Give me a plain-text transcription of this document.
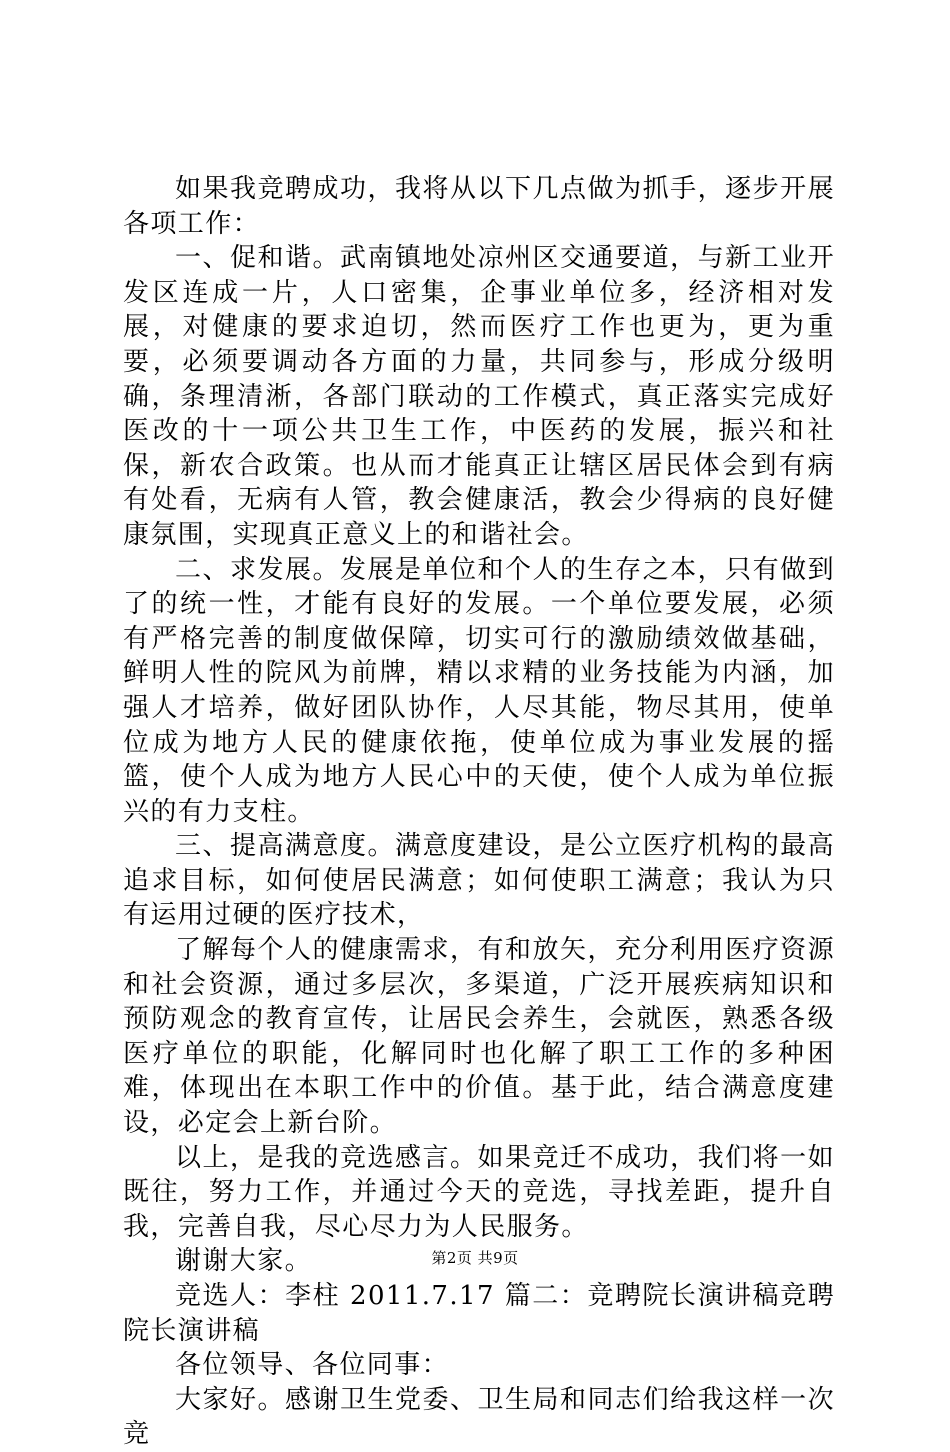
如果我竞聘成功，我将从以下几点做为抓手，逐步开展各项工作：

一、促和谐。武南镇地处凉州区交通要道，与新工业开发区连成一片，人口密集，企事业单位多，经济相对发展，对健康的要求迫切，然而医疗工作也更为，更为重要，必须要调动各方面的力量，共同参与，形成分级明确，条理清淅，各部门联动的工作模式，真正落实完成好医改的十一项公共卫生工作，中医药的发展，振兴和社保，新农合政策。也从而才能真正让辖区居民体会到有病有处看，无病有人管，教会健康活，教会少得病的良好健康氛围，实现真正意义上的和谐社会。

二、求发展。发展是单位和个人的生存之本，只有做到了的统一性，才能有良好的发展。一个单位要发展，必须有严格完善的制度做保障，切实可行的激励绩效做基础，鲜明人性的院风为前牌，精以求精的业务技能为内涵，加强人才培养，做好团队协作，人尽其能，物尽其用，使单位成为地方人民的健康依拖，使单位成为事业发展的摇篮，使个人成为地方人民心中的天使，使个人成为单位振兴的有力支柱。

三、提高满意度。满意度建设，是公立医疗机构的最高追求目标，如何使居民满意；如何使职工满意；我认为只有运用过硬的医疗技术，

了解每个人的健康需求，有和放矢，充分利用医疗资源和社会资源，通过多层次，多渠道，广泛开展疾病知识和预防观念的教育宣传，让居民会养生，会就医，熟悉各级医疗单位的职能，化解同时也化解了职工工作的多种困难，体现出在本职工作中的价值。基于此，结合满意度建设，必定会上新台阶。

以上，是我的竞选感言。如果竞迁不成功，我们将一如既往，努力工作，并通过今天的竞选，寻找差距，提升自我，完善自我，尽心尽力为人民服务。

谢谢大家。

竞选人：李柱 2011.7.17 篇二：竞聘院长演讲稿竞聘院长演讲稿

各位领导、各位同事：

大家好。感谢卫生党委、卫生局和同志们给我这样一次竞

第2页 共9页
